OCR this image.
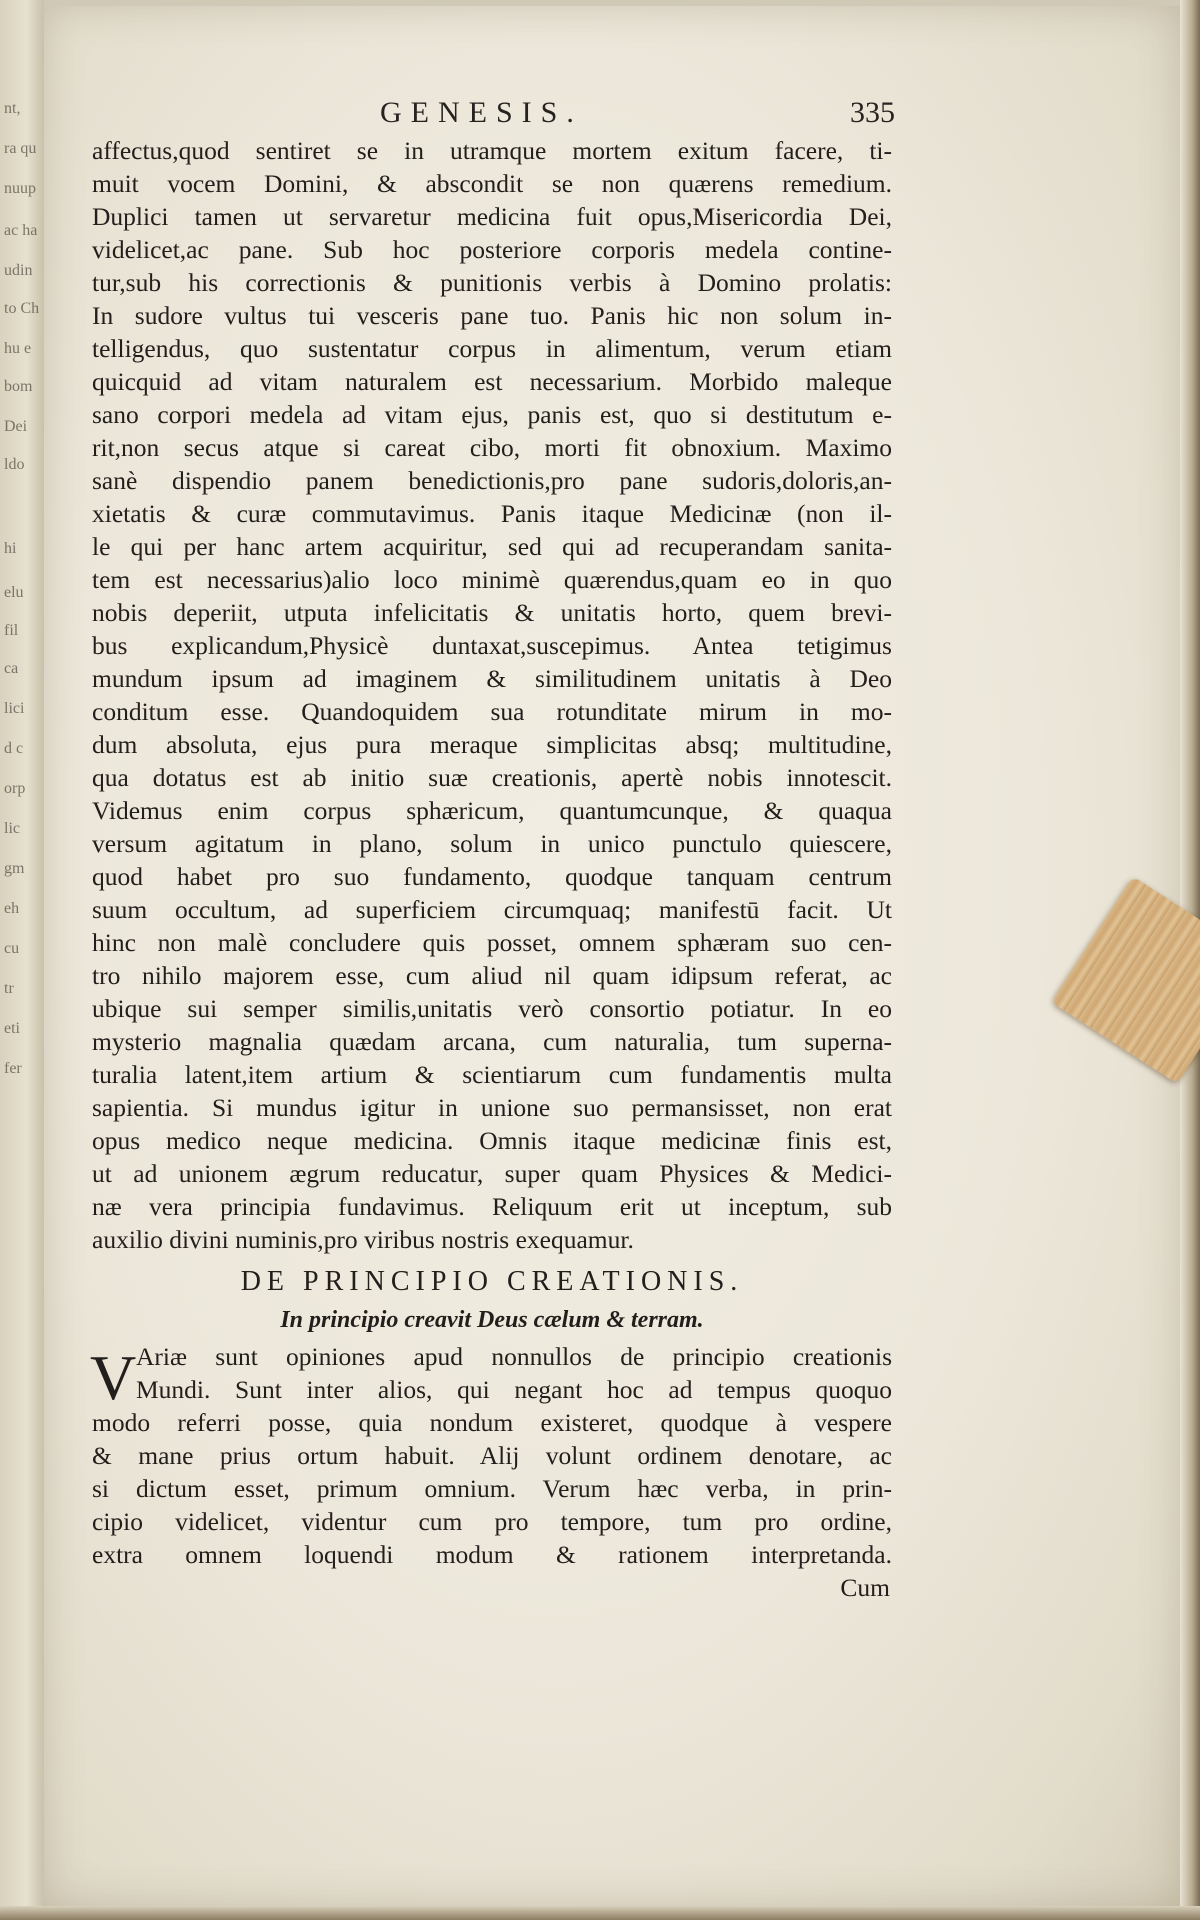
nt,
ra qu
nuup
ac ha
udin
to Ch
hu e
bom
Dei
ldo
hi
elu
fil
ca
lici
d c
orp
lic
gm
eh
cu
tr
eti
fer
GENESIS.	335

affectus,quod sentiret se in utramque mortem exitum facere, ti-
muit vocem Domini, & abscondit se non quærens remedium.
Duplici tamen ut servaretur medicina fuit opus,Misericordia Dei,
videlicet,ac pane. Sub hoc posteriore corporis medela contine-
tur,sub his correctionis & punitionis verbis à Domino prolatis:
In sudore vultus tui vesceris pane tuo. Panis hic non solum in-
telligendus, quo sustentatur corpus in alimentum, verum etiam
quicquid ad vitam naturalem est necessarium. Morbido maleque
sano corpori medela ad vitam ejus, panis est, quo si destitutum e-
rit,non secus atque si careat cibo, morti fit obnoxium. Maximo
sanè dispendio panem benedictionis,pro pane sudoris,doloris,an-
xietatis & curæ commutavimus. Panis itaque Medicinæ (non il-
le qui per hanc artem acquiritur, sed qui ad recuperandam sanita-
tem est necessarius)alio loco minimè quærendus,quam eo in quo
nobis deperiit, utputa infelicitatis & unitatis horto, quem brevi-
bus explicandum,Physicè duntaxat,suscepimus. Antea tetigimus
mundum ipsum ad imaginem & similitudinem unitatis à Deo
conditum esse. Quandoquidem sua rotunditate mirum in mo-
dum absoluta, ejus pura meraque simplicitas absq; multitudine,
qua dotatus est ab initio suæ creationis, apertè nobis innotescit.
Videmus enim corpus sphæricum, quantumcunque, & quaqua
versum agitatum in plano, solum in unico punctulo quiescere,
quod habet pro suo fundamento, quodque tanquam centrum
suum occultum, ad superficiem circumquaq; manifestū facit. Ut
hinc non malè concludere quis posset, omnem sphæram suo cen-
tro nihilo majorem esse, cum aliud nil quam idipsum referat, ac
ubique sui semper similis,unitatis verò consortio potiatur. In eo
mysterio magnalia quædam arcana, cum naturalia, tum superna-
turalia latent,item artium & scientiarum cum fundamentis multa
sapientia. Si mundus igitur in unione suo permansisset, non erat
opus medico neque medicina. Omnis itaque medicinæ finis est,
ut ad unionem ægrum reducatur, super quam Physices & Medici-
næ vera principia fundavimus. Reliquum erit ut inceptum, sub
auxilio divini numinis,pro viribus nostris exequamur.

DE PRINCIPIO CREATIONIS.
In principio creavit Deus cælum & terram.

V Ariæ sunt opiniones apud nonnullos de principio creationis
Mundi. Sunt inter alios, qui negant hoc ad tempus quoquo
modo referri posse, quia nondum existeret, quodque à vespere
& mane prius ortum habuit. Alij volunt ordinem denotare, ac
si dictum esset, primum omnium. Verum hæc verba, in prin-
cipio videlicet, videntur cum pro tempore, tum pro ordine,
extra omnem loquendi modum & rationem interpretanda.
Cum
